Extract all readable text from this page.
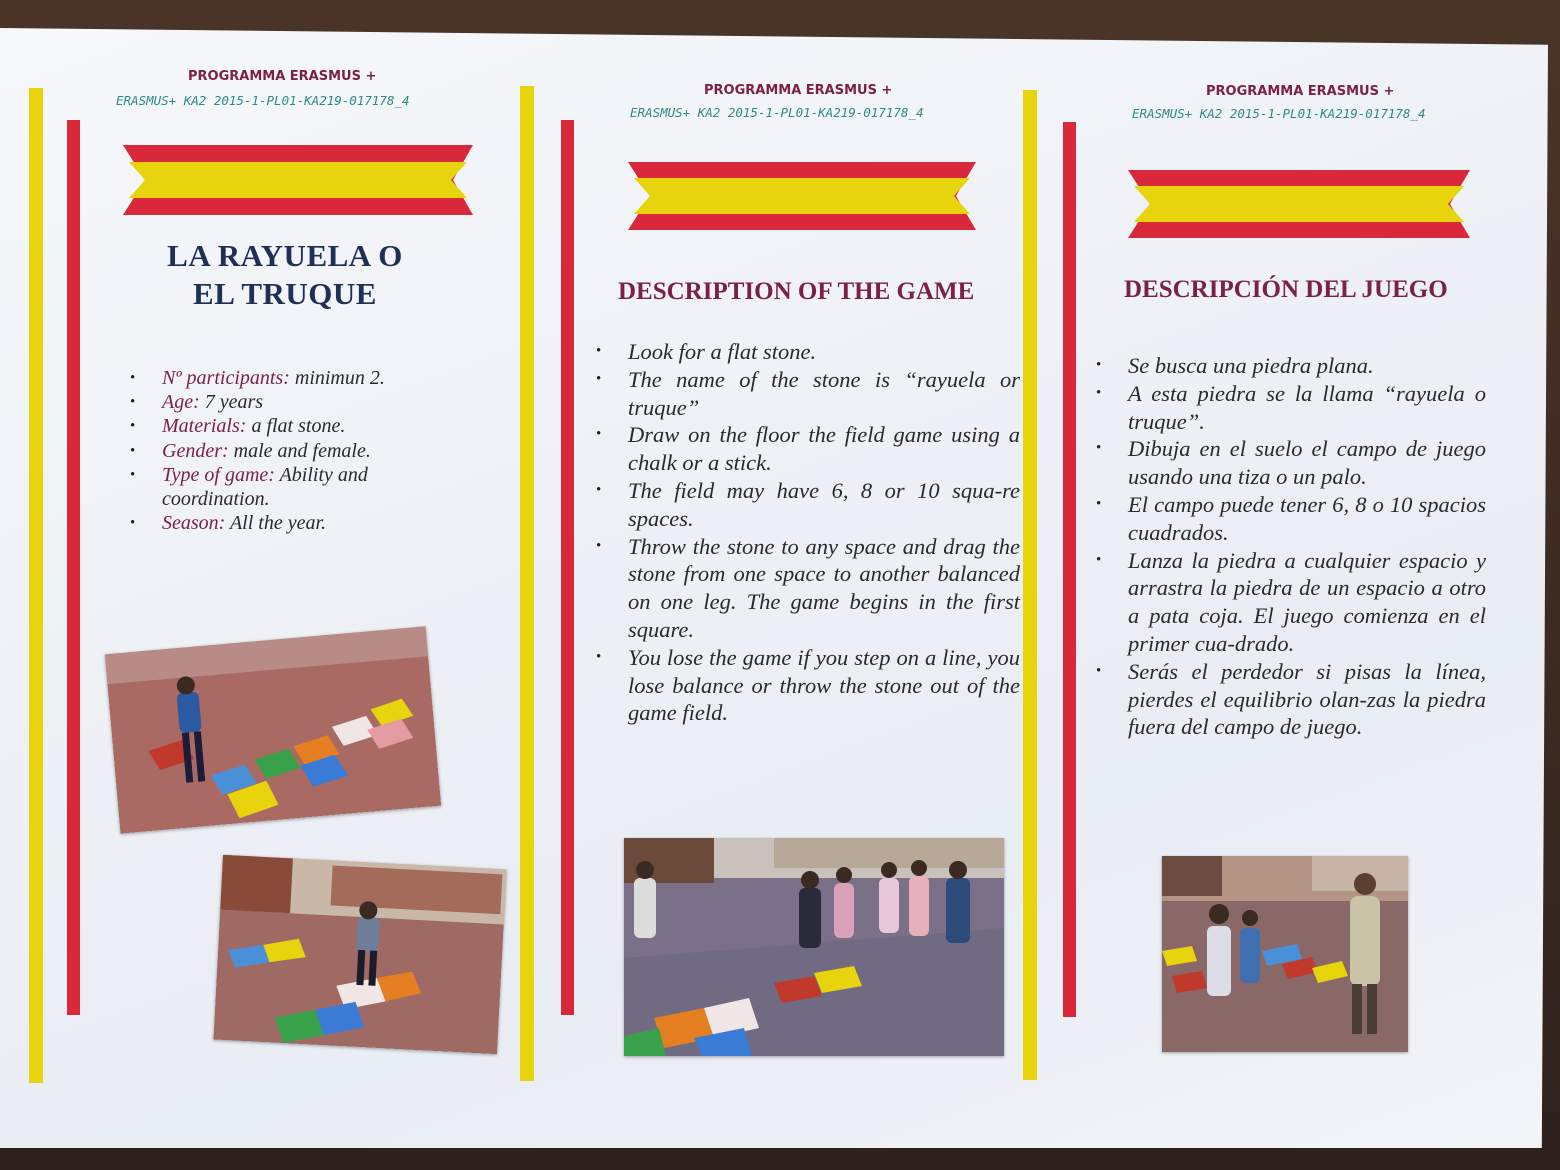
PROGRAMMA ERASMUS +
ERASMUS+ KA2 2015-1-PL01-KA219-017178_4
LA RAYUELA O
EL TRUQUE
• Nº participants: minimun 2.
• Age: 7 years
• Materials: a flat stone.
• Gender: male and female.
• Type of game: Ability and coordination.
• Season: All the year.
PROGRAMMA ERASMUS +
ERASMUS+ KA2 2015-1-PL01-KA219-017178_4
DESCRIPTION OF THE GAME
• Look for a flat stone.
• The name of the stone is “rayuela or truque”
• Draw on the floor the field game using a chalk or a stick.
• The field may have 6, 8 or 10 squa-re spaces.
• Throw the stone to any space and drag the stone from one space to another balanced on one leg. The game begins in the first square.
• You lose the game if you step on a line, you lose balance or throw the stone out of the game field.
PROGRAMMA ERASMUS +
ERASMUS+ KA2 2015-1-PL01-KA219-017178_4
DESCRIPCIÓN DEL JUEGO
• Se busca una piedra plana.
• A esta piedra se la llama “rayuela o truque”.
• Dibuja en el suelo el campo de juego usando una tiza o un palo.
• El campo puede tener 6, 8 o 10 spacios cuadrados.
• Lanza la piedra a cualquier espacio y arrastra la piedra de un espacio a otro a pata coja. El juego comienza en el primer cua-drado.
• Serás el perdedor si pisas la línea, pierdes el equilibrio olan-zas la piedra fuera del campo de juego.
